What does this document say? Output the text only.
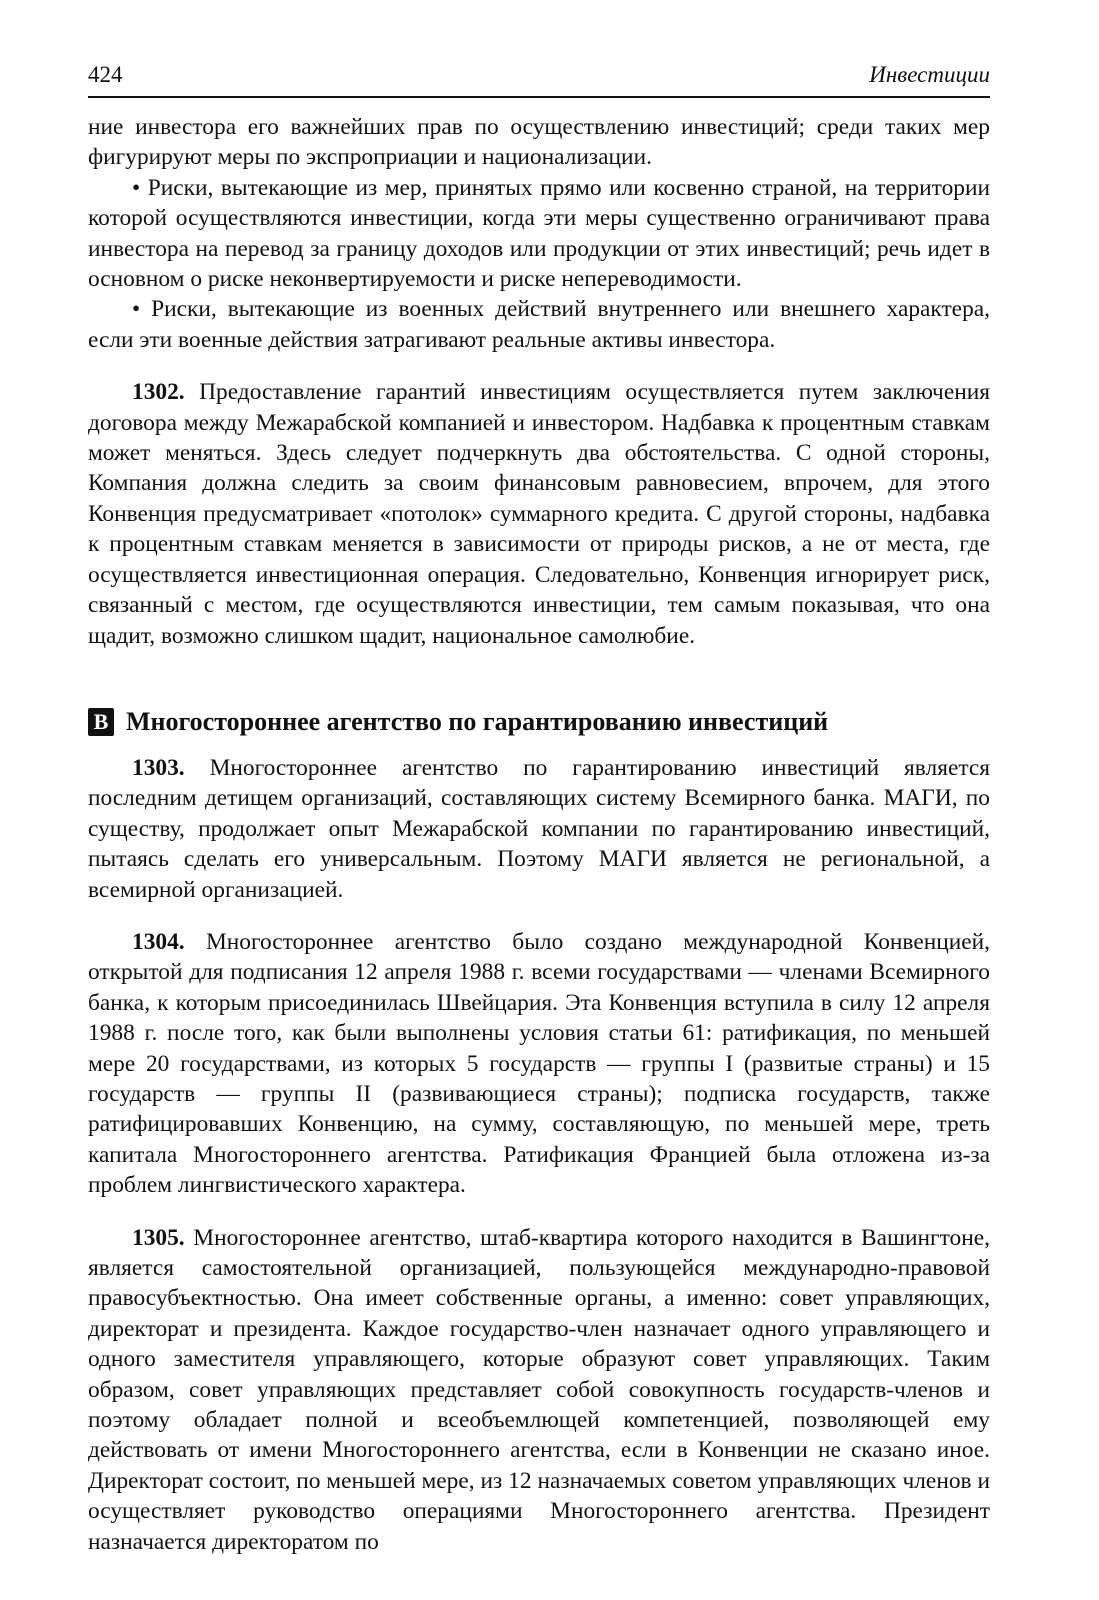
424	Инвестиции

ние инвестора его важнейших прав по осуществлению инвестиций; среди таких мер фигурируют меры по экспроприации и национализации.

• Риски, вытекающие из мер, принятых прямо или косвенно страной, на территории которой осуществляются инвестиции, когда эти меры существенно ограничивают права инвестора на перевод за границу доходов или продукции от этих инвестиций; речь идет в основном о риске неконвертируемости и риске непереводимости.

• Риски, вытекающие из военных действий внутреннего или внешнего характера, если эти военные действия затрагивают реальные активы инвестора.

1302. Предоставление гарантий инвестициям осуществляется путем заключения договора между Межарабской компанией и инвестором. Надбавка к процентным ставкам может меняться. Здесь следует подчеркнуть два обстоятельства. С одной стороны, Компания должна следить за своим финансовым равновесием, впрочем, для этого Конвенция предусматривает «потолок» суммарного кредита. С другой стороны, надбавка к процентным ставкам меняется в зависимости от природы рисков, а не от места, где осуществляется инвестиционная операция. Следовательно, Конвенция игнорирует риск, связанный с местом, где осуществляются инвестиции, тем самым показывая, что она щадит, возможно слишком щадит, национальное самолюбие.

В Многостороннее агентство по гарантированию инвестиций

1303. Многостороннее агентство по гарантированию инвестиций является последним детищем организаций, составляющих систему Всемирного банка. МАГИ, по существу, продолжает опыт Межарабской компании по гарантированию инвестиций, пытаясь сделать его универсальным. Поэтому МАГИ является не региональной, а всемирной организацией.

1304. Многостороннее агентство было создано международной Конвенцией, открытой для подписания 12 апреля 1988 г. всеми государствами — членами Всемирного банка, к которым присоединилась Швейцария. Эта Конвенция вступила в силу 12 апреля 1988 г. после того, как были выполнены условия статьи 61: ратификация, по меньшей мере 20 государствами, из которых 5 государств — группы I (развитые страны) и 15 государств — группы II (развивающиеся страны); подписка государств, также ратифицировавших Конвенцию, на сумму, составляющую, по меньшей мере, треть капитала Многостороннего агентства. Ратификация Францией была отложена из-за проблем лингвистического характера.

1305. Многостороннее агентство, штаб-квартира которого находится в Вашингтоне, является самостоятельной организацией, пользующейся международно-правовой правосубъектностью. Она имеет собственные органы, а именно: совет управляющих, директорат и президента. Каждое государство-член назначает одного управляющего и одного заместителя управляющего, которые образуют совет управляющих. Таким образом, совет управляющих представляет собой совокупность государств-членов и поэтому обладает полной и всеобъемлющей компетенцией, позволяющей ему действовать от имени Многостороннего агентства, если в Конвенции не сказано иное. Директорат состоит, по меньшей мере, из 12 назначаемых советом управляющих членов и осуществляет руководство операциями Многостороннего агентства. Президент назначается директоратом по
